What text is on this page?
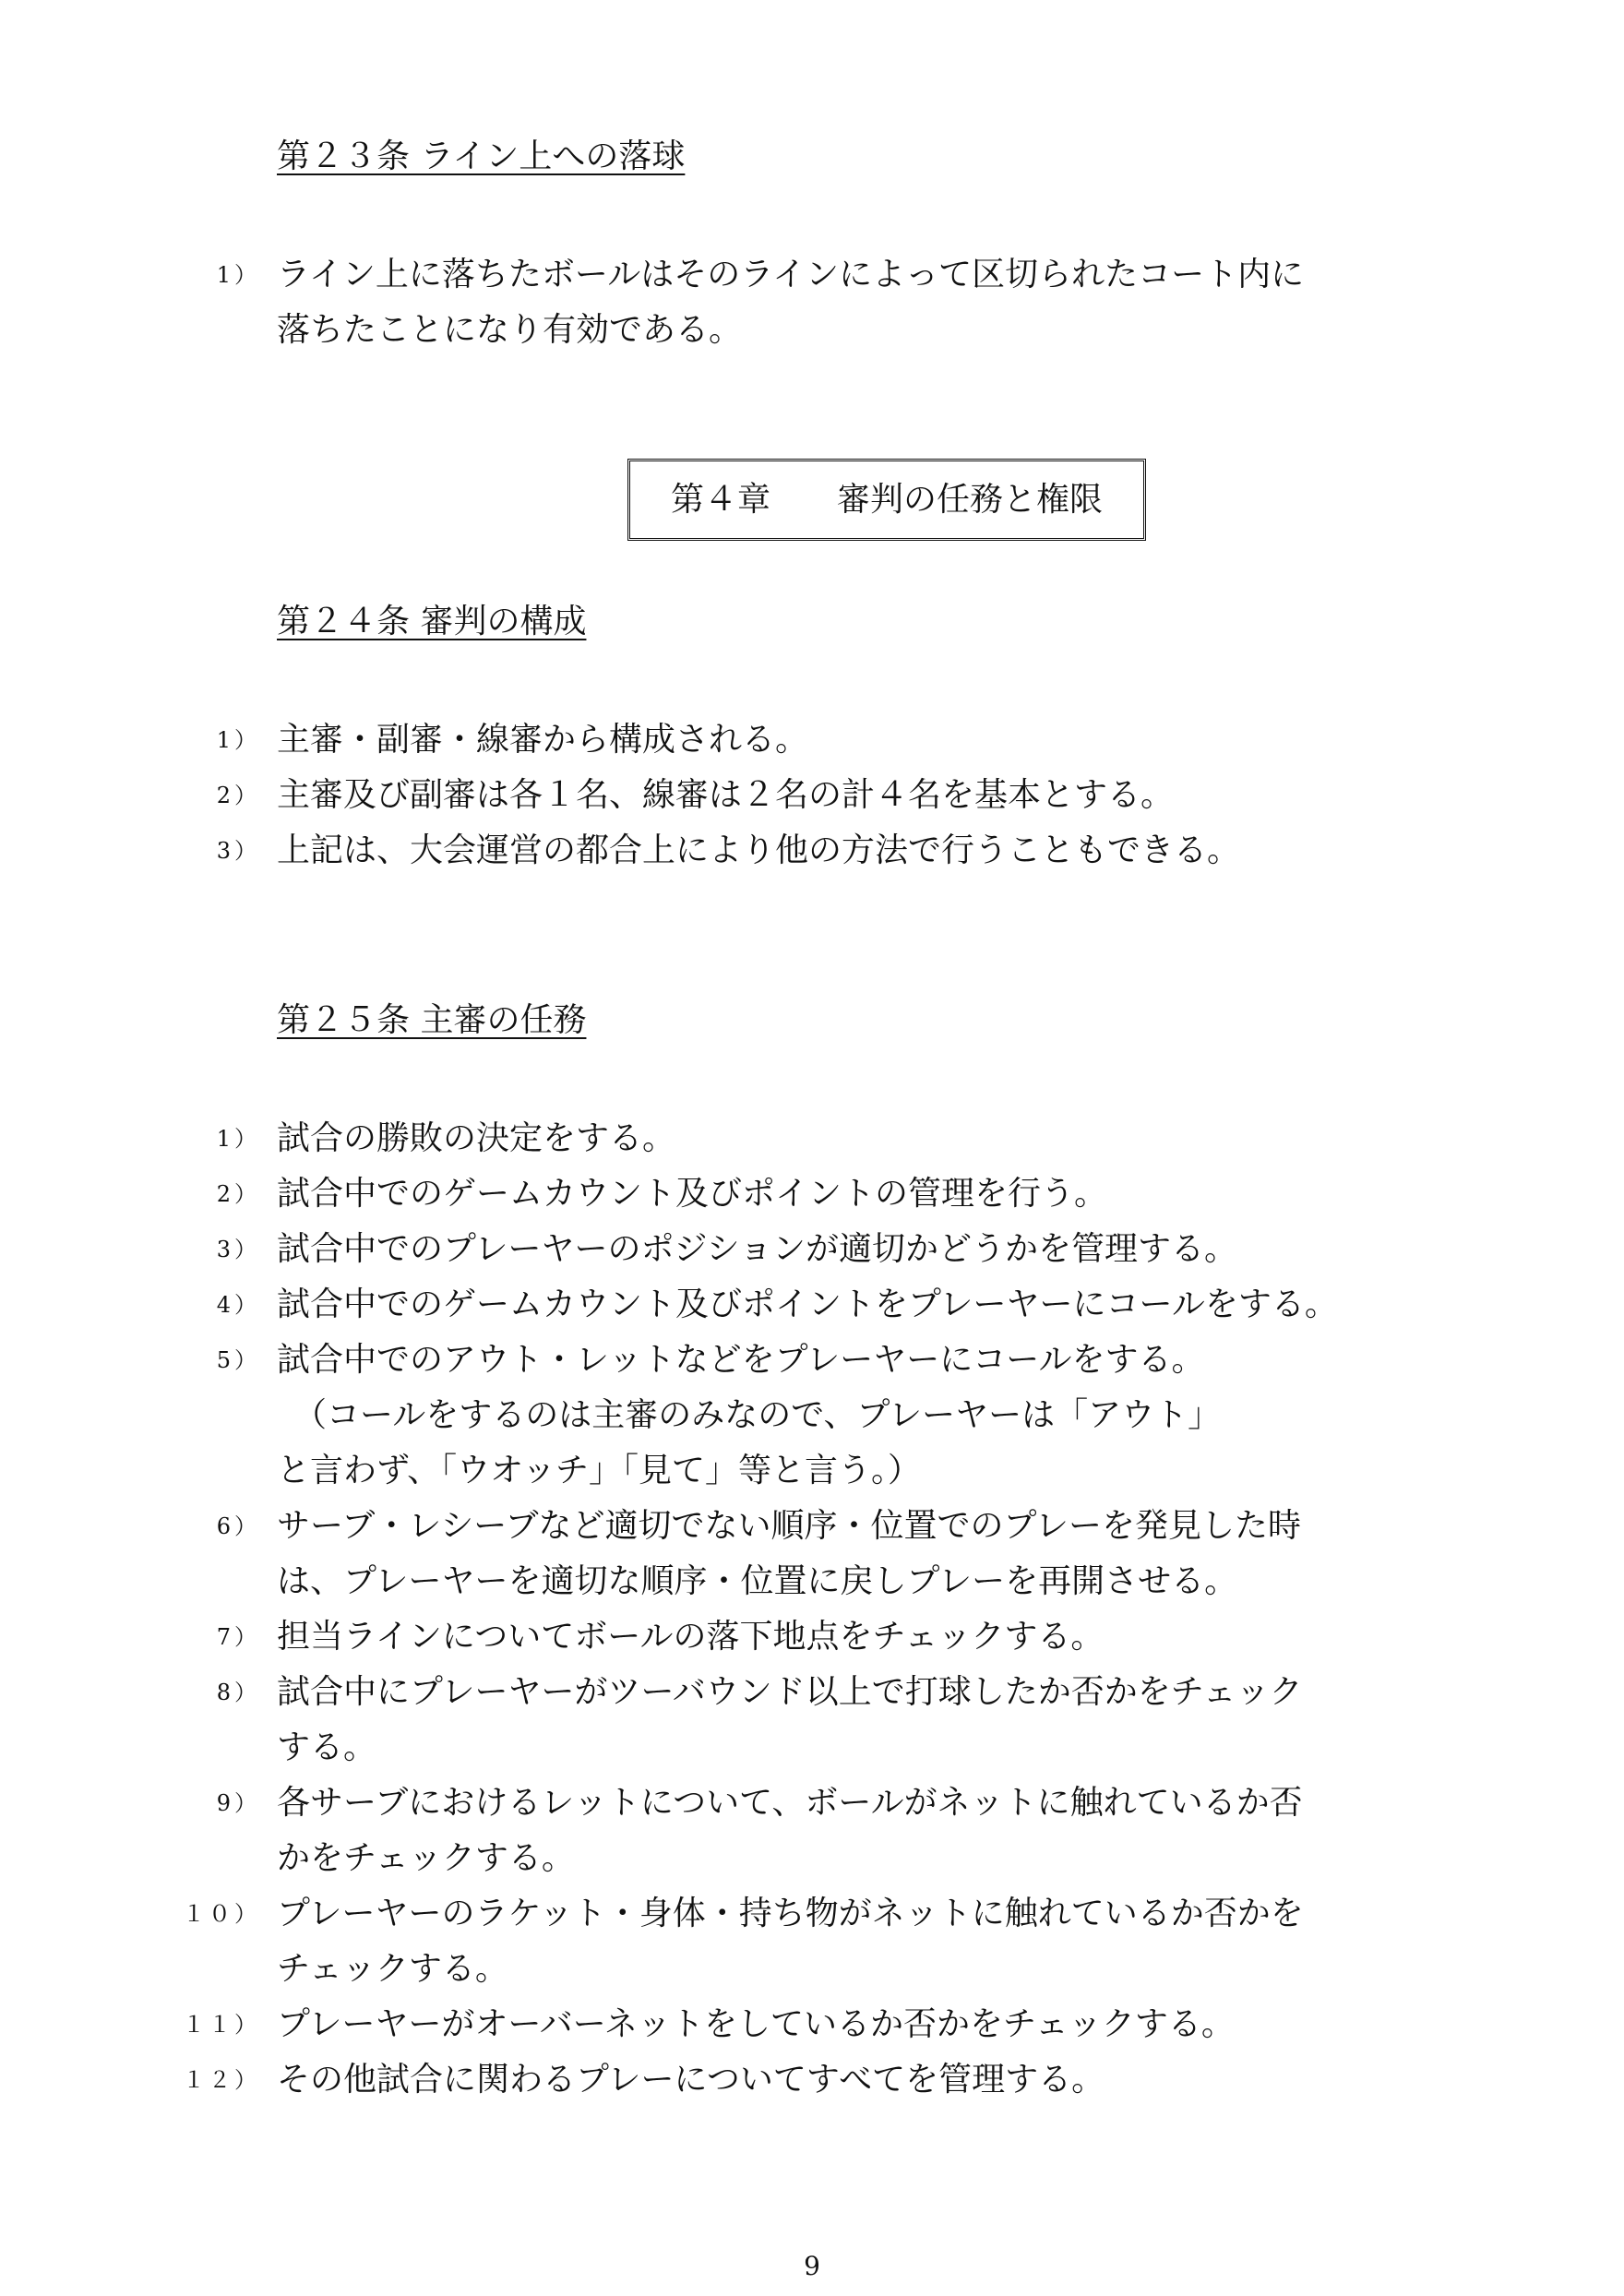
第２３条 ライン上への落球
1） ライン上に落ちたボールはそのラインによって区切られたコート内に
落ちたことになり有効である。
第４章　　審判の任務と権限
第２４条 審判の構成
1） 主審・副審・線審から構成される。
2） 主審及び副審は各１名、線審は２名の計４名を基本とする。
3） 上記は、大会運営の都合上により他の方法で行うこともできる。
第２５条 主審の任務
1） 試合の勝敗の決定をする。
2） 試合中でのゲームカウント及びポイントの管理を行う。
3） 試合中でのプレーヤーのポジションが適切かどうかを管理する。
4） 試合中でのゲームカウント及びポイントをプレーヤーにコールをする。
5） 試合中でのアウト・レットなどをプレーヤーにコールをする。
（コールをするのは主審のみなので、プレーヤーは「アウト」
と言わず、「ウオッチ」「見て」等と言う。）
6） サーブ・レシーブなど適切でない順序・位置でのプレーを発見した時
は、プレーヤーを適切な順序・位置に戻しプレーを再開させる。
7） 担当ラインについてボールの落下地点をチェックする。
8） 試合中にプレーヤーがツーバウンド以上で打球したか否かをチェック
する。
9） 各サーブにおけるレットについて、ボールがネットに触れているか否
かをチェックする。
１０） プレーヤーのラケット・身体・持ち物がネットに触れているか否かを
チェックする。
１１） プレーヤーがオーバーネットをしているか否かをチェックする。
１２） その他試合に関わるプレーについてすべてを管理する。
9
